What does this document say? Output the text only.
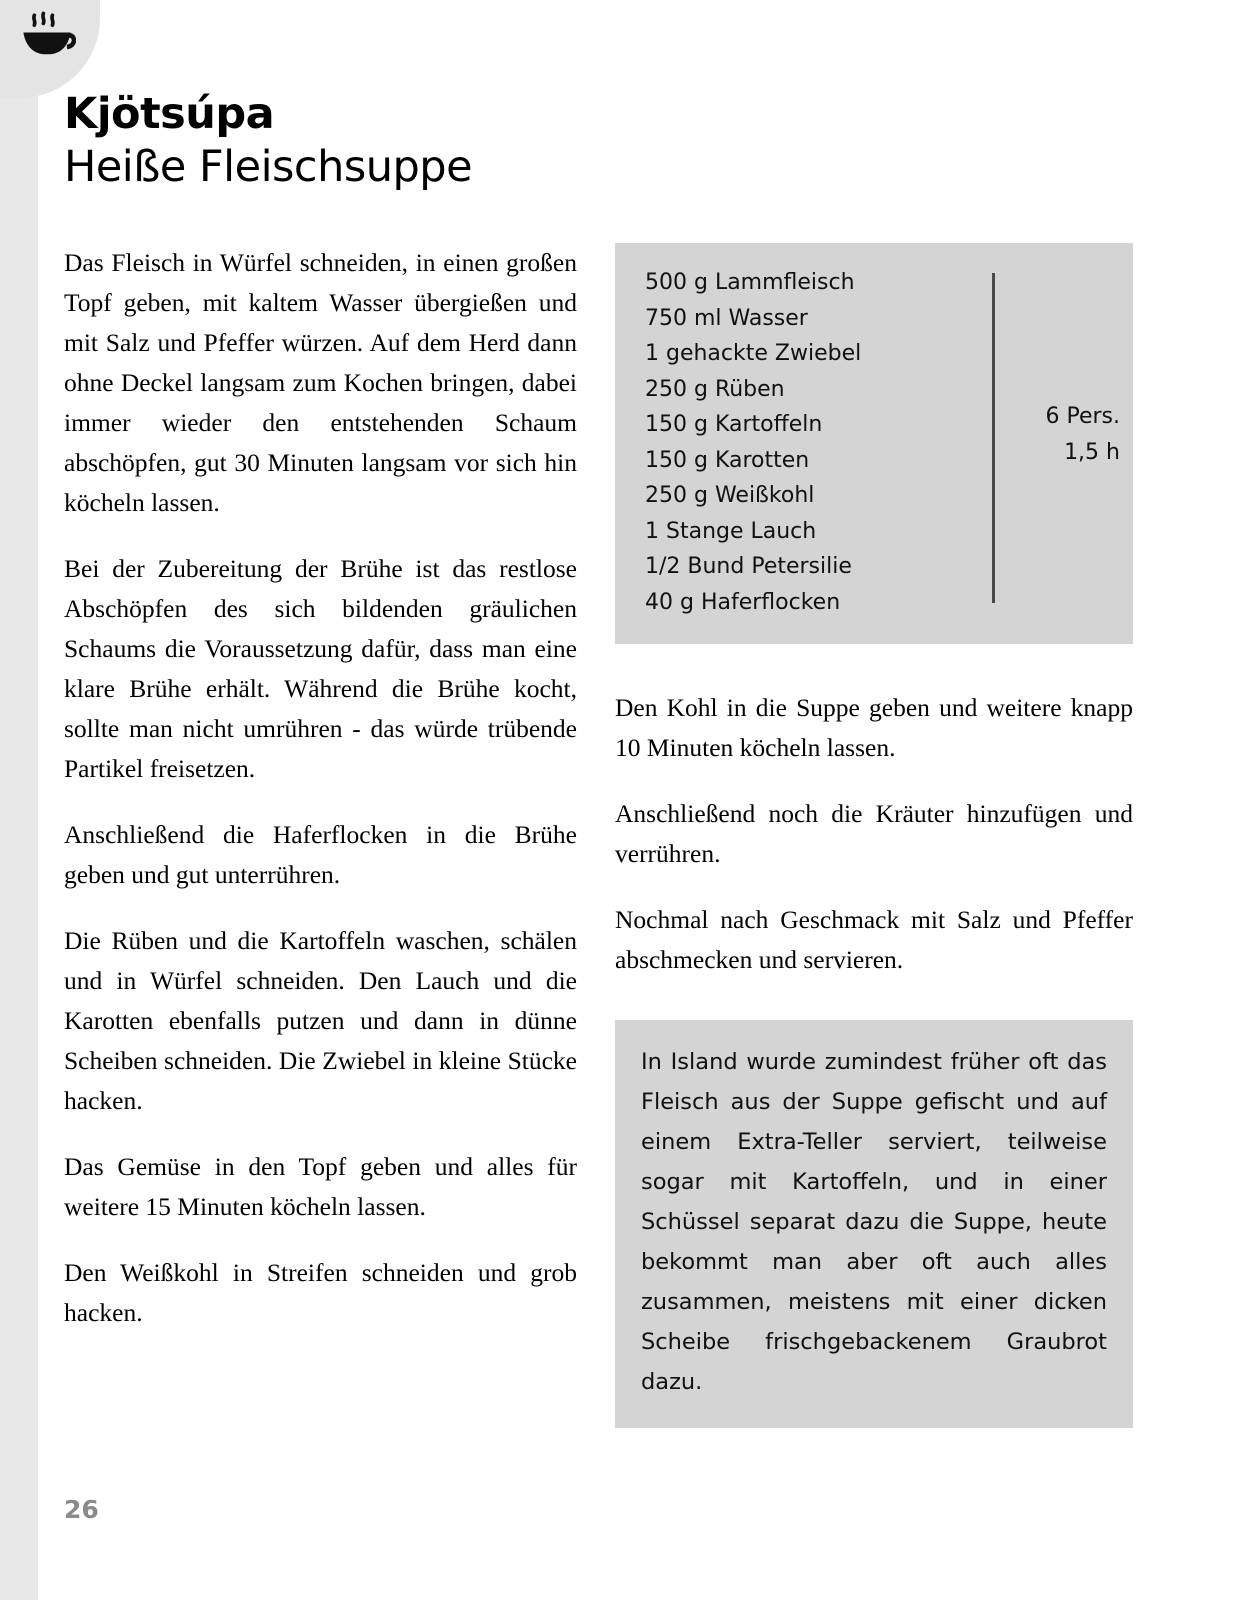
Kjötsúpa
Heiße Fleischsuppe

Das Fleisch in Würfel schneiden, in einen großen Topf geben, mit kaltem Wasser übergießen und mit Salz und Pfeffer würzen. Auf dem Herd dann ohne Deckel langsam zum Kochen bringen, dabei immer wieder den entstehenden Schaum abschöpfen, gut 30 Minuten langsam vor sich hin köcheln lassen.

Bei der Zubereitung der Brühe ist das restlose Abschöpfen des sich bildenden gräulichen Schaums die Voraussetzung dafür, dass man eine klare Brühe erhält. Während die Brühe kocht, sollte man nicht umrühren - das würde trübende Partikel freisetzen.

Anschließend die Haferflocken in die Brühe geben und gut unterrühren.

Die Rüben und die Kartoffeln waschen, schälen und in Würfel schneiden. Den Lauch und die Karotten ebenfalls putzen und dann in dünne Scheiben schneiden. Die Zwiebel in kleine Stücke hacken.

Das Gemüse in den Topf geben und alles für weitere 15 Minuten köcheln lassen.

Den Weißkohl in Streifen schneiden und grob hacken.

500 g Lammfleisch
750 ml Wasser
1 gehackte Zwiebel
250 g Rüben
150 g Kartoffeln
150 g Karotten
250 g Weißkohl
1 Stange Lauch
1/2 Bund Petersilie
40 g Haferflocken
6 Pers.
1,5 h

Den Kohl in die Suppe geben und weitere knapp 10 Minuten köcheln lassen.

Anschließend noch die Kräuter hinzufügen und verrühren.

Nochmal nach Geschmack mit Salz und Pfeffer abschmecken und servieren.

In Island wurde zumindest früher oft das Fleisch aus der Suppe gefischt und auf einem Extra-Teller serviert, teilweise sogar mit Kartoffeln, und in einer Schüssel separat dazu die Suppe, heute bekommt man aber oft auch alles zusammen, meistens mit einer dicken Scheibe frischgebackenem Graubrot dazu.

26
